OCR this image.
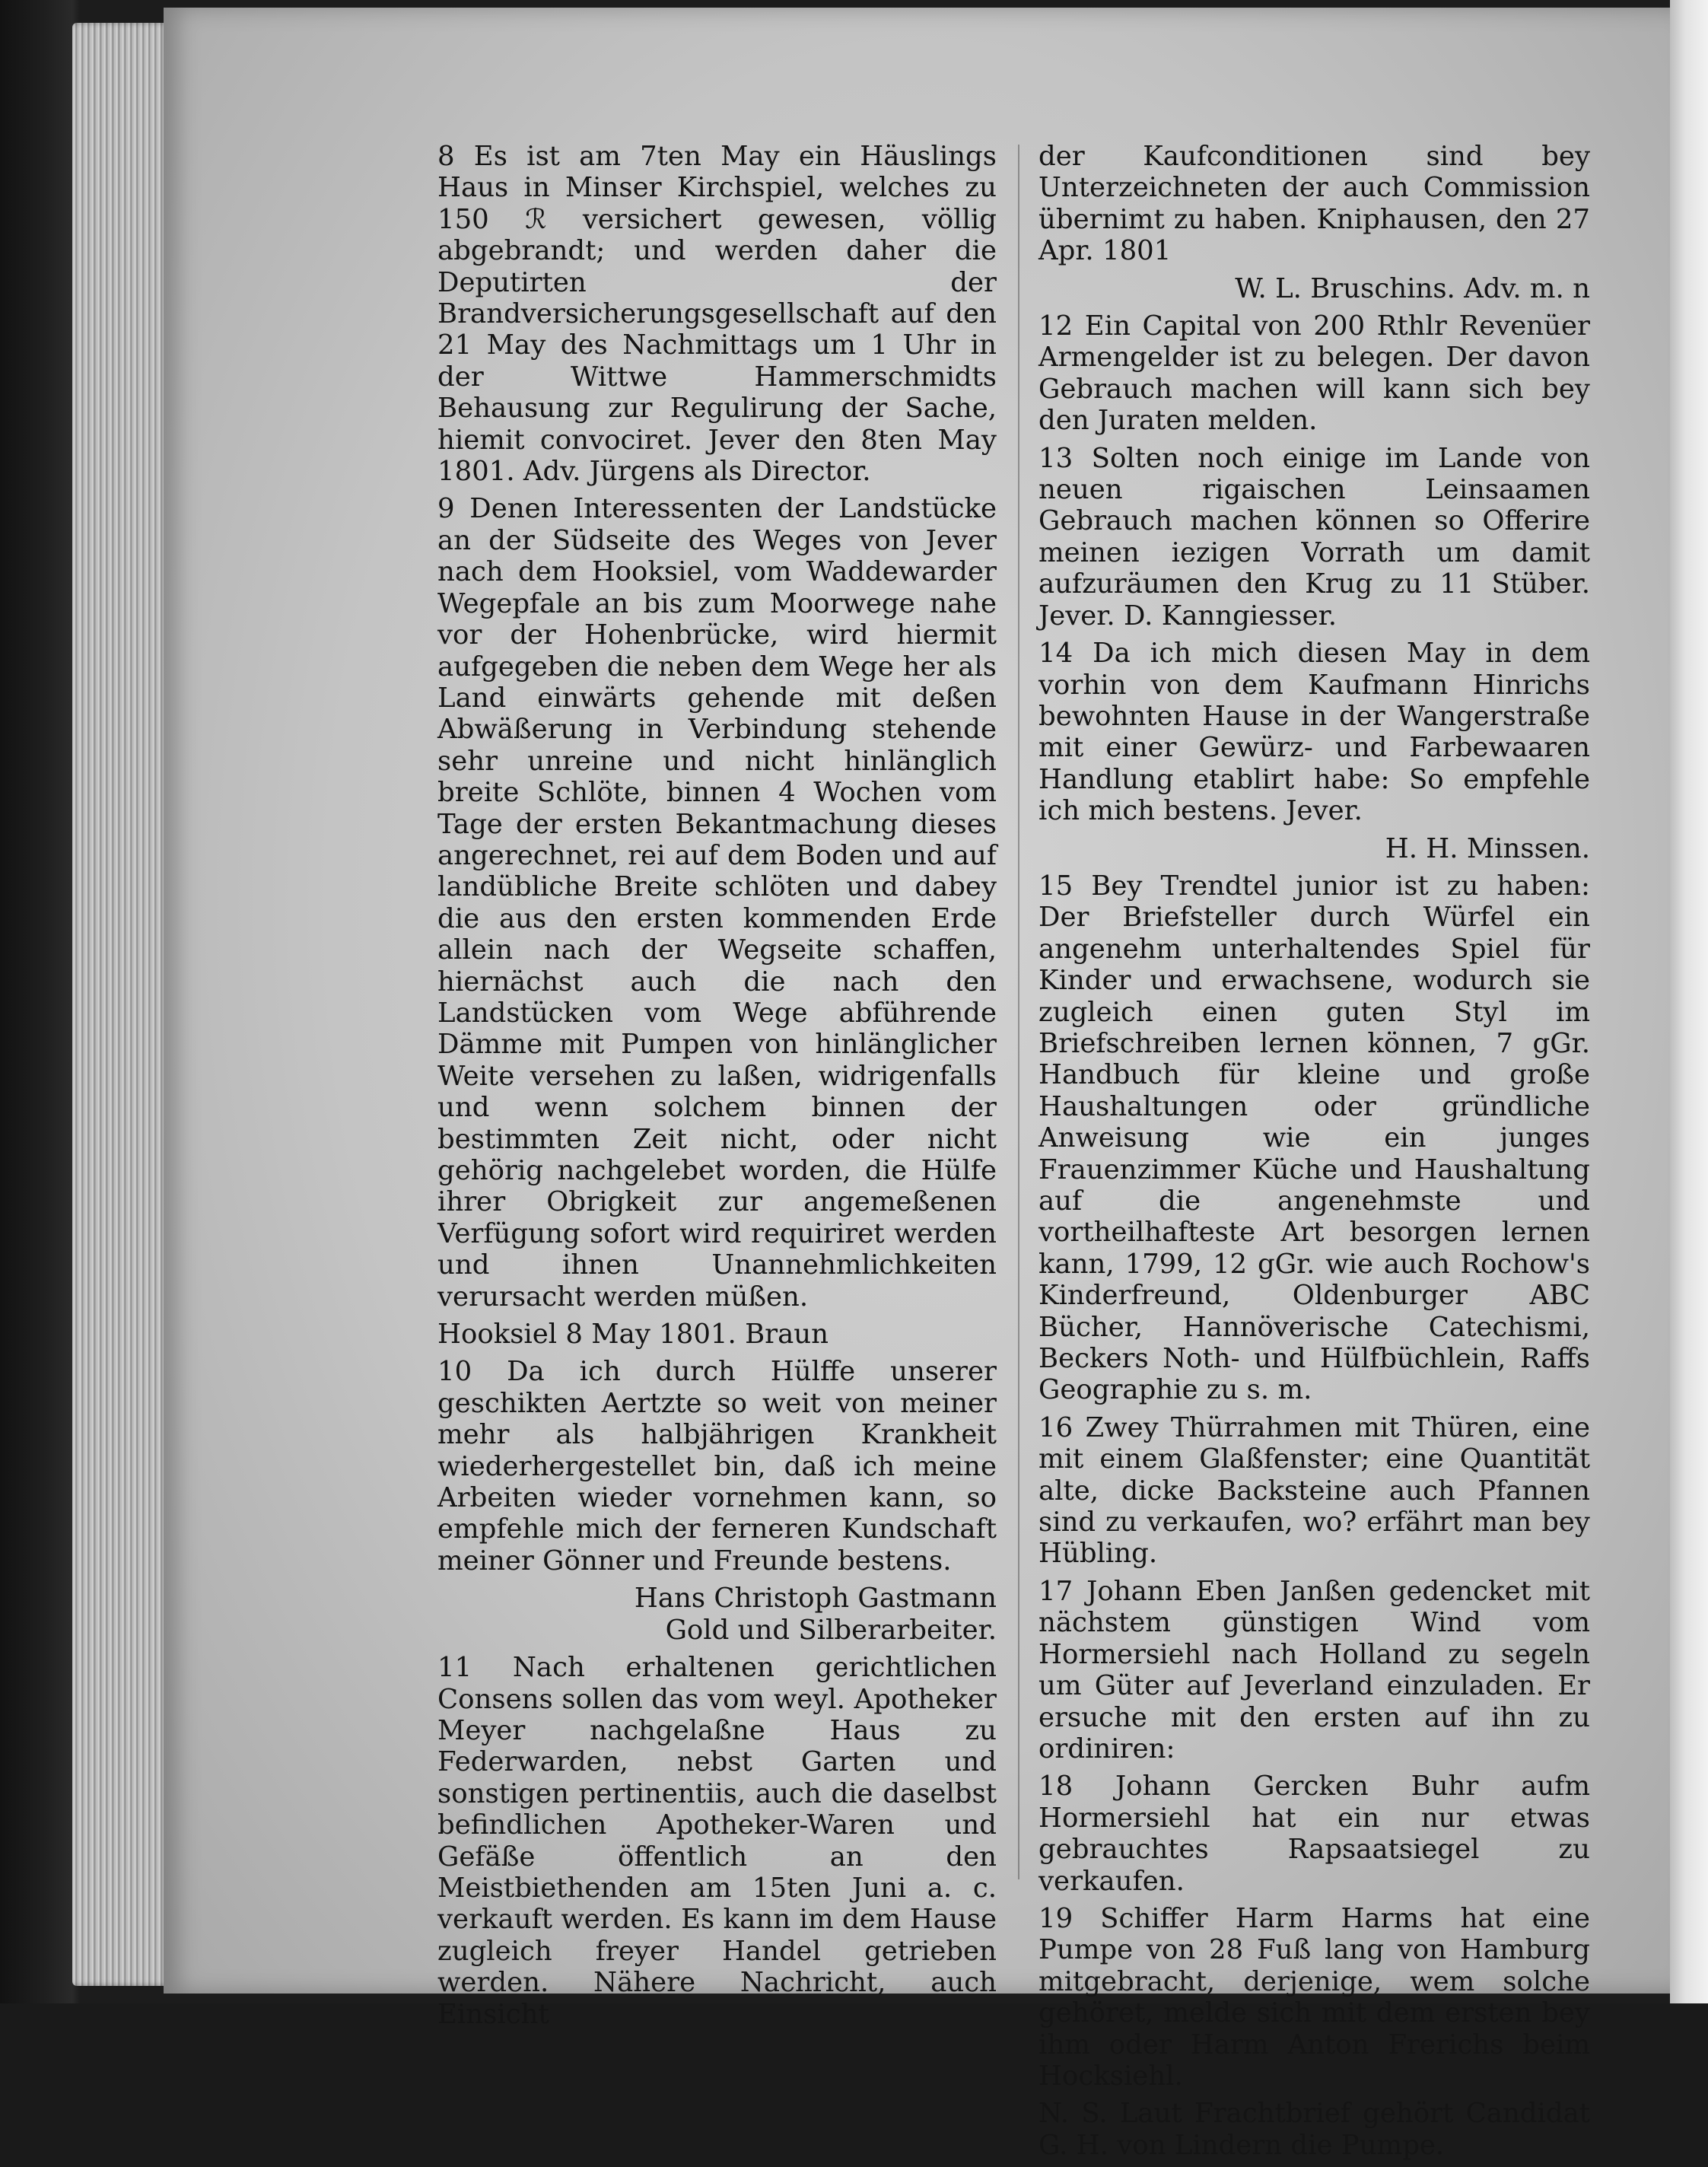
8 Es ist am 7ten May ein Häuslings Haus in Minser Kirchspiel, welches zu 150 ℛ versichert gewesen, völlig abgebrandt; und werden daher die Deputirten der Brandversicherungsgesellschaft auf den 21 May des Nachmittags um 1 Uhr in der Wittwe Hammerschmidts Behausung zur Regulirung der Sache, hiemit convociret. Jever den 8ten May 1801. Adv. Jürgens als Director.

9 Denen Interessenten der Landstücke an der Südseite des Weges von Jever nach dem Hooksiel, vom Waddewarder Wegepfale an bis zum Moorwege nahe vor der Hohenbrücke, wird hiermit aufgegeben die neben dem Wege her als Land einwärts gehende mit deßen Abwäßerung in Verbindung stehende sehr unreine und nicht hinlänglich breite Schlöte, binnen 4 Wochen vom Tage der ersten Bekantmachung dieses angerechnet, rei auf dem Boden und auf landübliche Breite schlöten und dabey die aus den ersten kommenden Erde allein nach der Wegseite schaffen, hiernächst auch die nach den Landstücken vom Wege abführende Dämme mit Pumpen von hinlänglicher Weite versehen zu laßen, widrigenfalls und wenn solchem binnen der bestimmten Zeit nicht, oder nicht gehörig nachgelebet worden, die Hülfe ihrer Obrigkeit zur angemeßenen Verfügung sofort wird requiriret werden und ihnen Unannehmlichkeiten verursacht werden müßen.

Hooksiel 8 May 1801. Braun

10 Da ich durch Hülffe unserer geschikten Aertzte so weit von meiner mehr als halbjährigen Krankheit wiederhergestellet bin, daß ich meine Arbeiten wieder vornehmen kann, so empfehle mich der ferneren Kundschaft meiner Gönner und Freunde bestens.

Hans Christoph Gastmann
Gold und Silberarbeiter.

11 Nach erhaltenen gerichtlichen Consens sollen das vom weyl. Apotheker Meyer nachgelaßne Haus zu Federwarden, nebst Garten und sonstigen pertinentiis, auch die daselbst befindlichen Apotheker-Waren und Gefäße öffentlich an den Meistbiethenden am 15ten Juni a. c. verkauft werden. Es kann im dem Hause zugleich freyer Handel getrieben werden. Nähere Nachricht, auch Einsicht

der Kaufconditionen sind bey Unterzeichneten der auch Commission übernimt zu haben. Kniphausen, den 27 Apr. 1801

W. L. Bruschins. Adv. m. n

12 Ein Capital von 200 Rthlr Revenüer Armengelder ist zu belegen. Der davon Gebrauch machen will kann sich bey den Juraten melden.

13 Solten noch einige im Lande von neuen rigaischen Leinsaamen Gebrauch machen können so Offerire meinen iezigen Vorrath um damit aufzuräumen den Krug zu 11 Stüber. Jever. D. Kanngiesser.

14 Da ich mich diesen May in dem vorhin von dem Kaufmann Hinrichs bewohnten Hause in der Wangerstraße mit einer Gewürz- und Farbewaaren Handlung etablirt habe: So empfehle ich mich bestens. Jever.

H. H. Minssen.

15 Bey Trendtel junior ist zu haben: Der Briefsteller durch Würfel ein angenehm unterhaltendes Spiel für Kinder und erwachsene, wodurch sie zugleich einen guten Styl im Briefschreiben lernen können, 7 gGr. Handbuch für kleine und große Haushaltungen oder gründliche Anweisung wie ein junges Frauenzimmer Küche und Haushaltung auf die angenehmste und vortheilhafteste Art besorgen lernen kann, 1799, 12 gGr. wie auch Rochow's Kinderfreund, Oldenburger ABC Bücher, Hannöverische Catechismi, Beckers Noth- und Hülfbüchlein, Raffs Geographie zu s. m.

16 Zwey Thürrahmen mit Thüren, eine mit einem Glaßfenster; eine Quantität alte, dicke Backsteine auch Pfannen sind zu verkaufen, wo? erfährt man bey Hübling.

17 Johann Eben Janßen gedencket mit nächstem günstigen Wind vom Hormersiehl nach Holland zu segeln um Güter auf Jeverland einzuladen. Er ersuche mit den ersten auf ihn zu ordiniren:

18 Johann Gercken Buhr aufm Hormersiehl hat ein nur etwas gebrauchtes Rapsaatsiegel zu verkaufen.

19 Schiffer Harm Harms hat eine Pumpe von 28 Fuß lang von Hamburg mitgebracht, derjenige, wem solche gehöret, melde sich mit dem ersten bey ihm oder Harm Anton Frerichs beim Hocksiehl.

N. S. Laut Frachtbrief gehört Candidat G. H. von Lindern die Pumpe.
